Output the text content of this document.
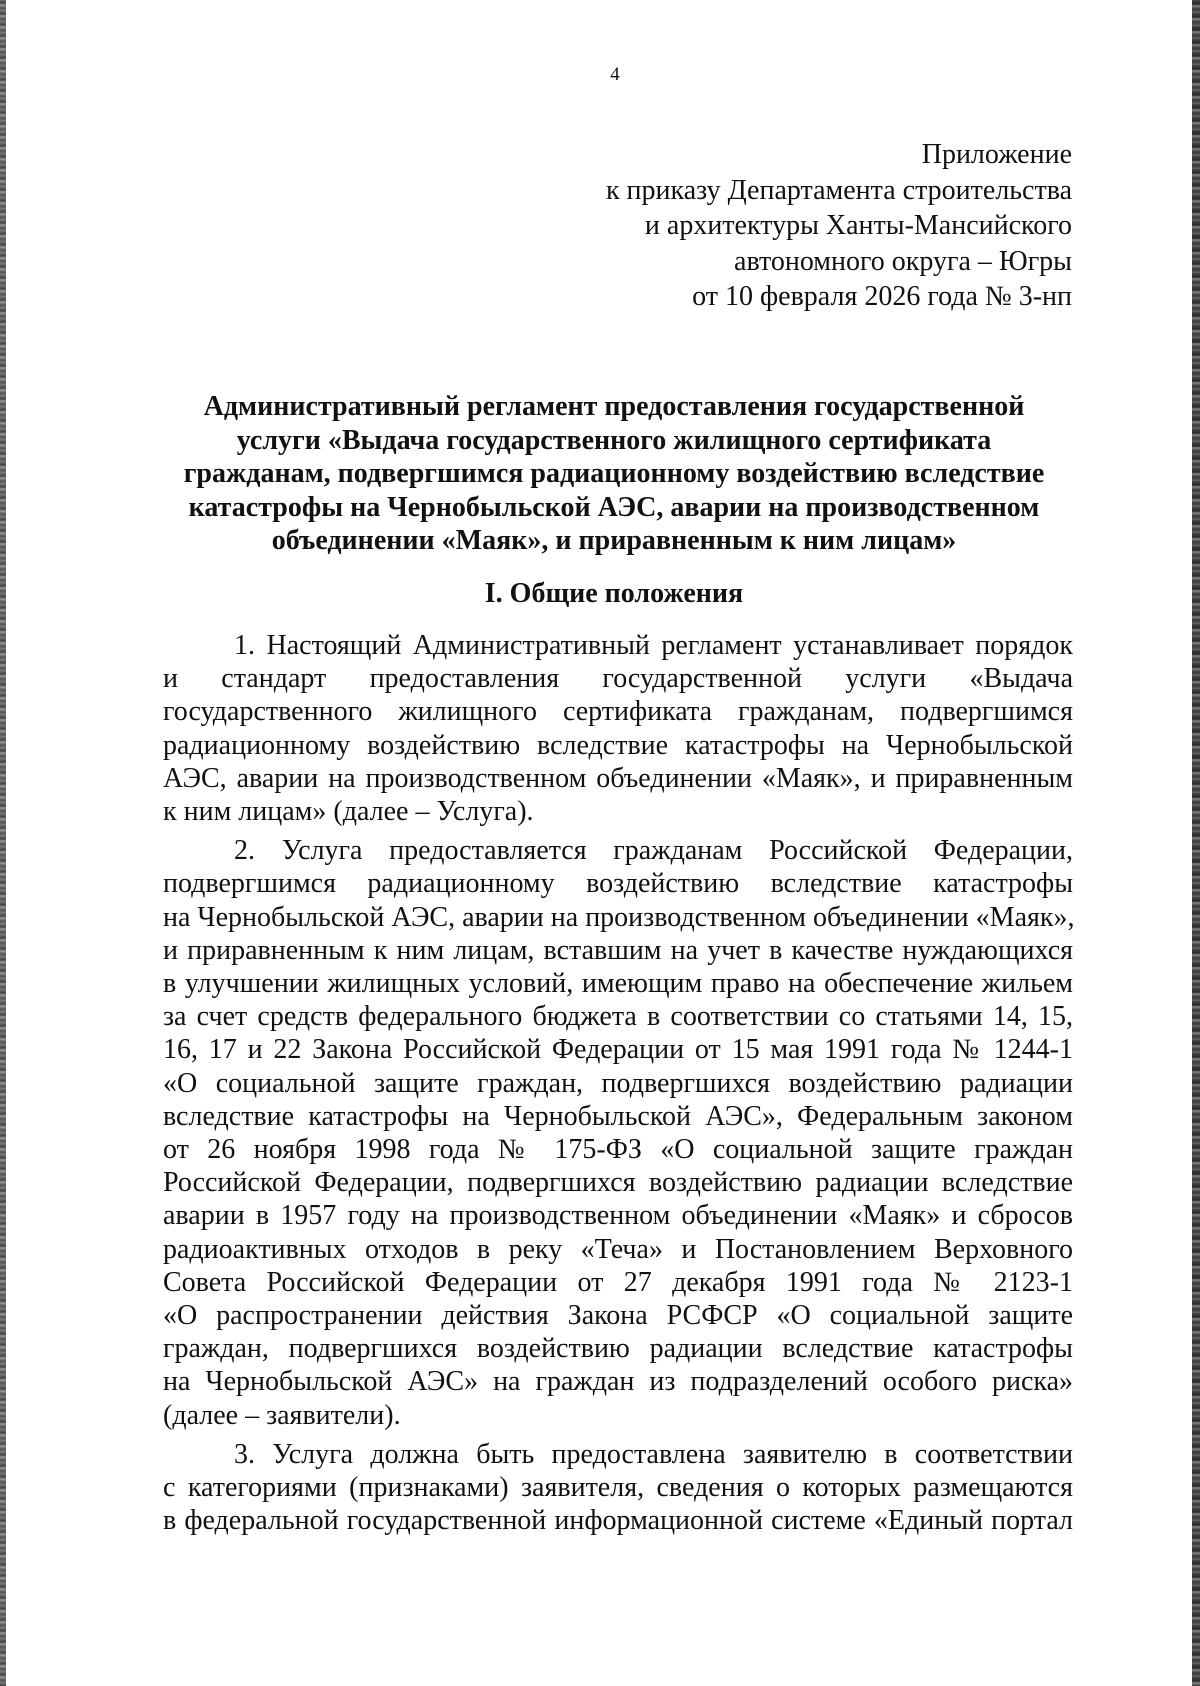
4
Приложение
к приказу Департамента строительства
и архитектуры Ханты-Мансийского
автономного округа – Югры
от 10 февраля 2026 года № 3-нп
Административный регламент предоставления государственной
услуги «Выдача государственного жилищного сертификата
гражданам, подвергшимся радиационному воздействию вследствие
катастрофы на Чернобыльской АЭС, аварии на производственном
объединении «Маяк», и приравненным к ним лицам»
I. Общие положения

1. Настоящий Административный регламент устанавливает порядок
и стандарт предоставления государственной услуги «Выдача
государственного жилищного сертификата гражданам, подвергшимся
радиационному воздействию вследствие катастрофы на Чернобыльской
АЭС, аварии на производственном объединении «Маяк», и приравненным
к ним лицам» (далее – Услуга).

2. Услуга предоставляется гражданам Российской Федерации,
подвергшимся радиационному воздействию вследствие катастрофы
на Чернобыльской АЭС, аварии на производственном объединении «Маяк»,
и приравненным к ним лицам, вставшим на учет в качестве нуждающихся
в улучшении жилищных условий, имеющим право на обеспечение жильем
за счет средств федерального бюджета в соответствии со статьями 14, 15,
16, 17 и 22 Закона Российской Федерации от 15 мая 1991 года № 1244-1
«О социальной защите граждан, подвергшихся воздействию радиации
вследствие катастрофы на Чернобыльской АЭС», Федеральным законом
от 26 ноября 1998 года № 175-ФЗ «О социальной защите граждан
Российской Федерации, подвергшихся воздействию радиации вследствие
аварии в 1957 году на производственном объединении «Маяк» и сбросов
радиоактивных отходов в реку «Теча» и Постановлением Верховного
Совета Российской Федерации от 27 декабря 1991 года № 2123-1
«О распространении действия Закона РСФСР «О социальной защите
граждан, подвергшихся воздействию радиации вследствие катастрофы
на Чернобыльской АЭС» на граждан из подразделений особого риска»
(далее – заявители).

3. Услуга должна быть предоставлена заявителю в соответствии
с категориями (признаками) заявителя, сведения о которых размещаются
в федеральной государственной информационной системе «Единый портал
